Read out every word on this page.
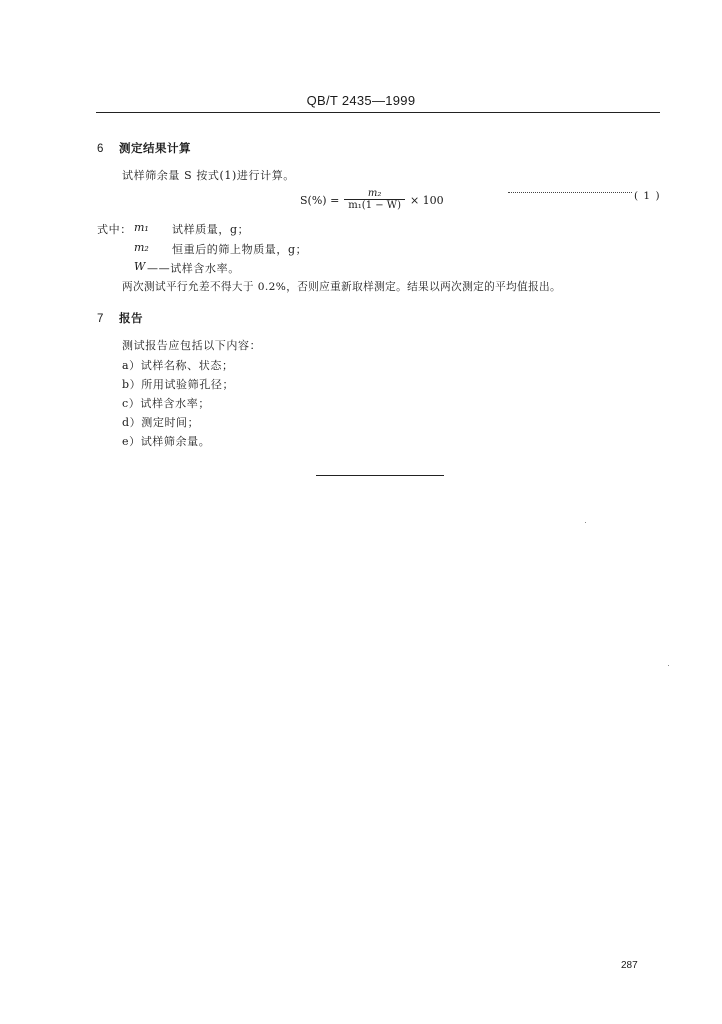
QB/T 2435—1999
6 测定结果计算
试样筛余量 S 按式(1)进行计算。
$S(\%) = \frac{\text{m₂}}{\text{m₁(1 − W)}} \times 100$	( 1 )
式中： m₁ 试样质量，g；
m₂ 恒重后的筛上物质量，g；
W ——试样含水率。
两次测试平行允差不得大于 0.2%，否则应重新取样测定。结果以两次测定的平均值报出。
7 报告
测试报告应包括以下内容：
a）试样名称、状态；
b）所用试验筛孔径；
c）试样含水率；
d）测定时间；
e）试样筛余量。
287
